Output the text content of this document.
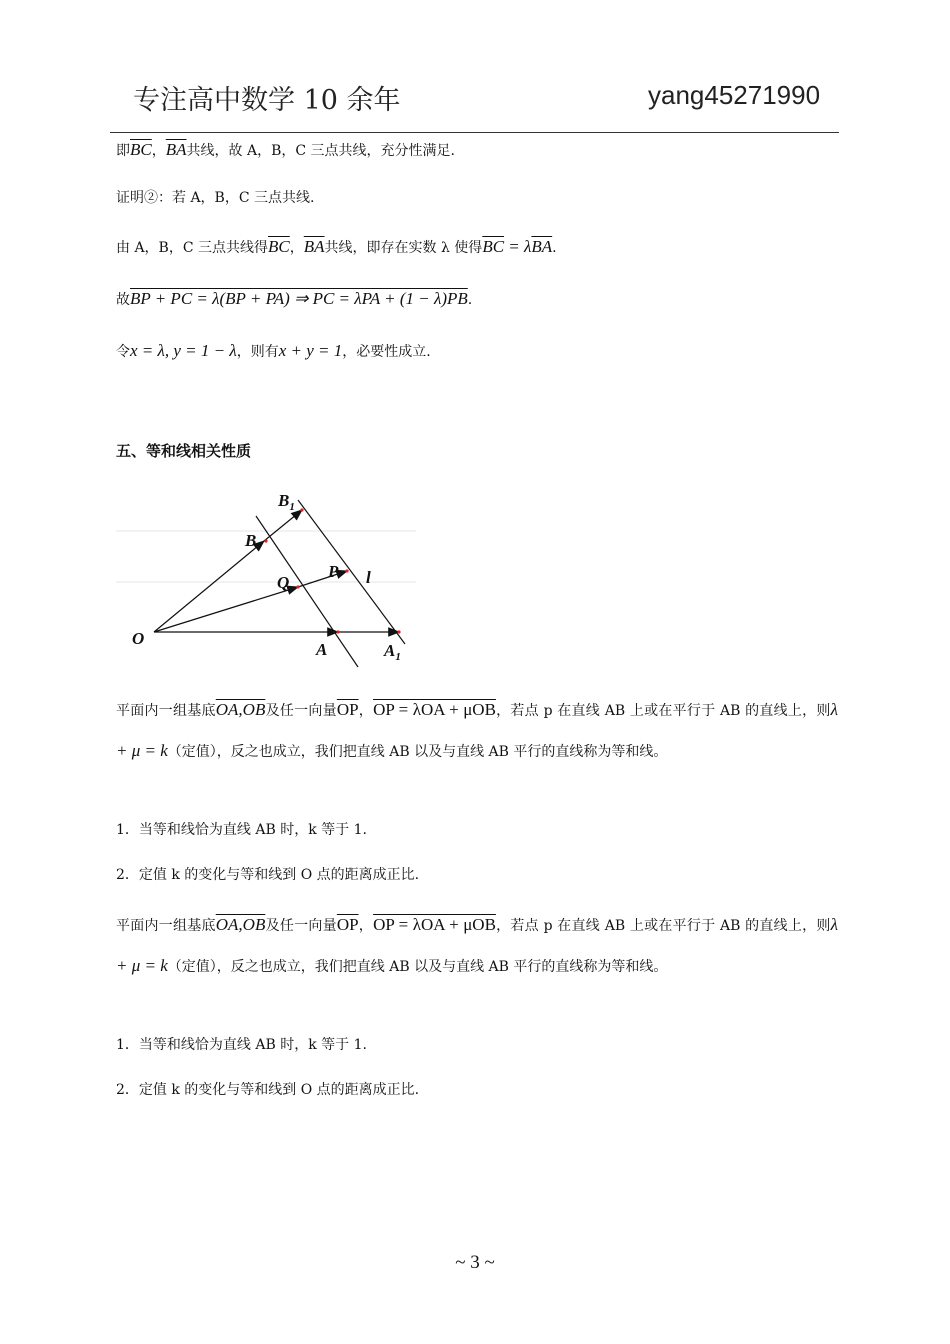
专注高中数学 10 余年	yang45271990
即$\overline{BC}$，$\overline{BA}$共线，故 A，B，C 三点共线，充分性满足.
证明②：若 A，B，C 三点共线.
由 A，B，C 三点共线得$\overline{BC}$，$\overline{BA}$共线，即存在实数 λ 使得$\overline{BC} = \lambda\overline{BA}$.
故BP + PC = λ(BP + PA) ⇒ PC = λPA + (1 − λ)PB.
令x = λ, y = 1 − λ，则有x + y = 1，必要性成立.
五、等和线相关性质
O
A	$A_1$
B
$B_1$
Q
P l
平面内一组基底OA,OB及任一向量$\overline{OP}$，OP = λOA + μOB，若点 p 在直线 AB 上或在平行于 AB 的直线上，则λ + μ = k（定值），反之也成立，我们把直线 AB 以及与直线 AB 平行的直线称为等和线。
1．当等和线恰为直线 AB 时，k 等于 1.
2．定值 k 的变化与等和线到 O 点的距离成正比.
平面内一组基底OA,OB及任一向量$\overline{OP}$，OP = λOA + μOB，若点 p 在直线 AB 上或在平行于 AB 的直线上，则λ + μ = k（定值），反之也成立，我们把直线 AB 以及与直线 AB 平行的直线称为等和线。
1．当等和线恰为直线 AB 时，k 等于 1.
2．定值 k 的变化与等和线到 O 点的距离成正比.
~ 3 ~
